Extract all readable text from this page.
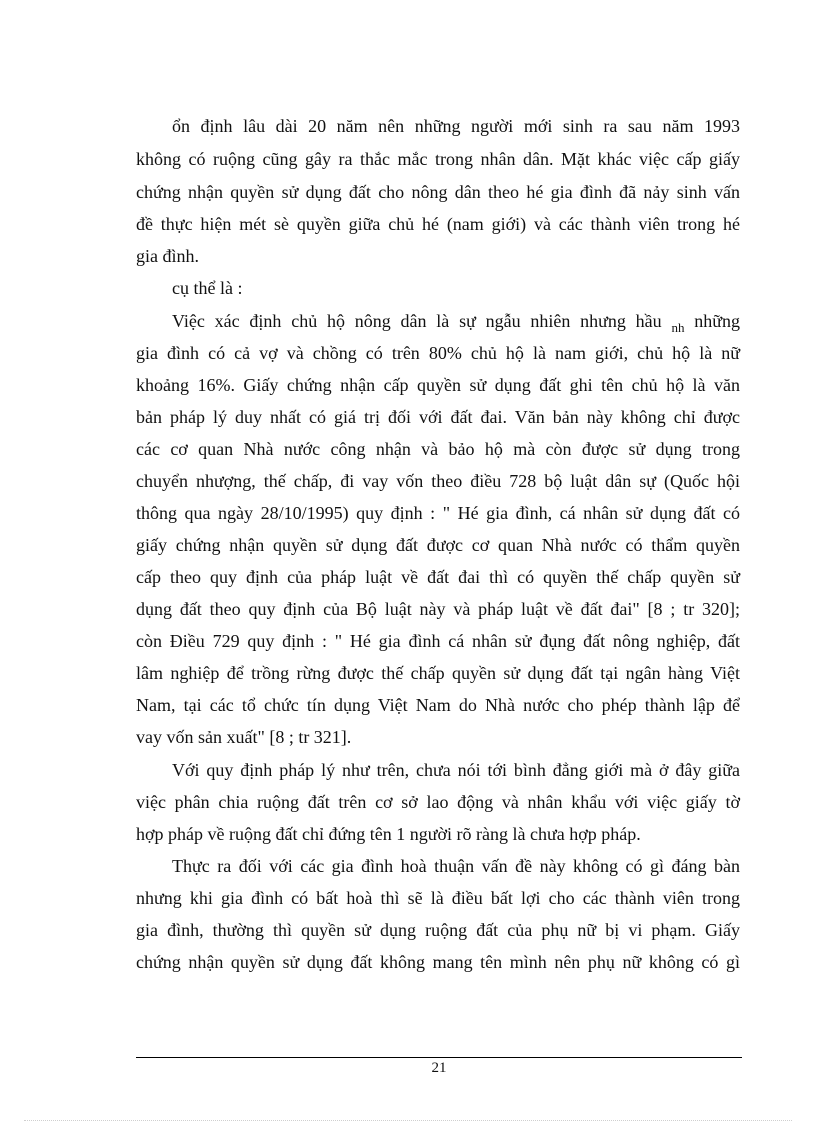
ổn định lâu dài 20 năm nên những người mới sinh ra sau năm 1993
không có ruộng cũng gây ra thắc mắc trong nhân dân. Mặt khác việc cấp giấy
chứng nhận quyền sử dụng đất cho nông dân theo hé gia đình đã nảy sinh vấn
đề thực hiện mét sè quyền giữa chủ hé (nam giới) và các thành viên trong hé
gia đình.
cụ thể là :
Việc xác định chủ hộ nông dân là sự ngẫu nhiên nhưng hầu $_{nh}$ những
gia đình có cả vợ và chồng có trên 80% chủ hộ là nam giới, chủ hộ là nữ
khoảng 16%. Giấy chứng nhận cấp quyền sử dụng đất ghi tên chủ hộ là văn
bản pháp lý duy nhất có giá trị đối với đất đai. Văn bản này không chỉ được
các cơ quan Nhà nước công nhận và bảo hộ mà còn được sử dụng trong
chuyển nhượng, thế chấp, đi vay vốn theo điều 728 bộ luật dân sự (Quốc hội
thông qua ngày 28/10/1995) quy định : " Hé gia đình, cá nhân sử dụng đất có
giấy chứng nhận quyền sử dụng đất được cơ quan Nhà nước có thẩm quyền
cấp theo quy định của pháp luật về đất đai thì có quyền thế chấp quyền sử
dụng đất theo quy định của Bộ luật này và pháp luật về đất đai" [8 ; tr 320];
còn Điều 729 quy định : " Hé gia đình cá nhân sử đụng đất nông nghiệp, đất
lâm nghiệp để trồng rừng được thế chấp quyền sử dụng đất tại ngân hàng Việt
Nam, tại các tổ chức tín dụng Việt Nam do Nhà nước cho phép thành lập để
vay vốn sản xuất" [8 ; tr 321].
Với quy định pháp lý như trên, chưa nói tới bình đẳng giới mà ở đây giữa
việc phân chia ruộng đất trên cơ sở lao động và nhân khẩu với việc giấy tờ
hợp pháp về ruộng đất chỉ đứng tên 1 người rõ ràng là chưa hợp pháp.
Thực ra đối với các gia đình hoà thuận vấn đề này không có gì đáng bàn
nhưng khi gia đình có bất hoà thì sẽ là điều bất lợi cho các thành viên trong
gia đình, thường thì quyền sử dụng ruộng đất của phụ nữ bị vi phạm. Giấy
chứng nhận quyền sử dụng đất không mang tên mình nên phụ nữ không có gì
21
